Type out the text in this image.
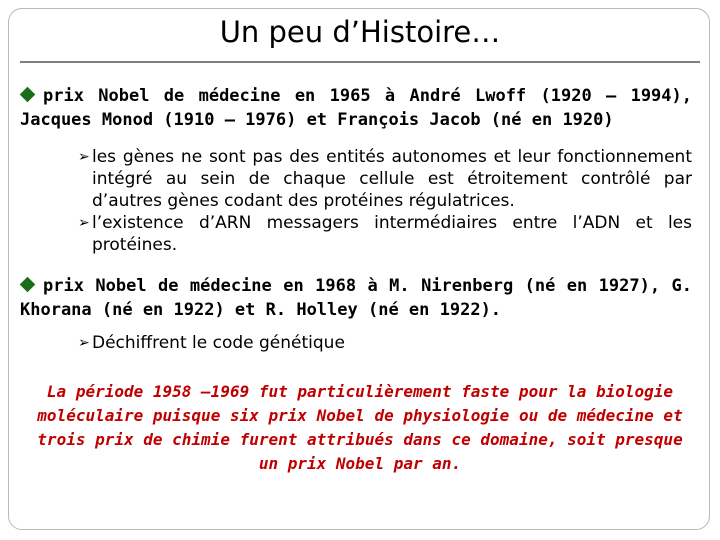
Un peu d’Histoire…
prix Nobel de médecine en 1965 à André Lwoff (1920 – 1994), Jacques Monod (1910 – 1976) et François Jacob (né en 1920)
➢ les gènes ne sont pas des entités autonomes et leur fonctionnement intégré au sein de chaque cellule est étroitement contrôlé par d’autres gènes codant des protéines régulatrices.
➢ l’existence d’ARN messagers intermédiaires entre l’ADN et les protéines.
prix Nobel de médecine en 1968 à M. Nirenberg (né en 1927), G. Khorana (né en 1922) et R. Holley (né en 1922).
➢ Déchiffrent le code génétique
La période 1958 –1969 fut particulièrement faste pour la biologie moléculaire puisque six prix Nobel de physiologie ou de médecine et trois prix de chimie furent attribués dans ce domaine, soit presque un prix Nobel par an.
